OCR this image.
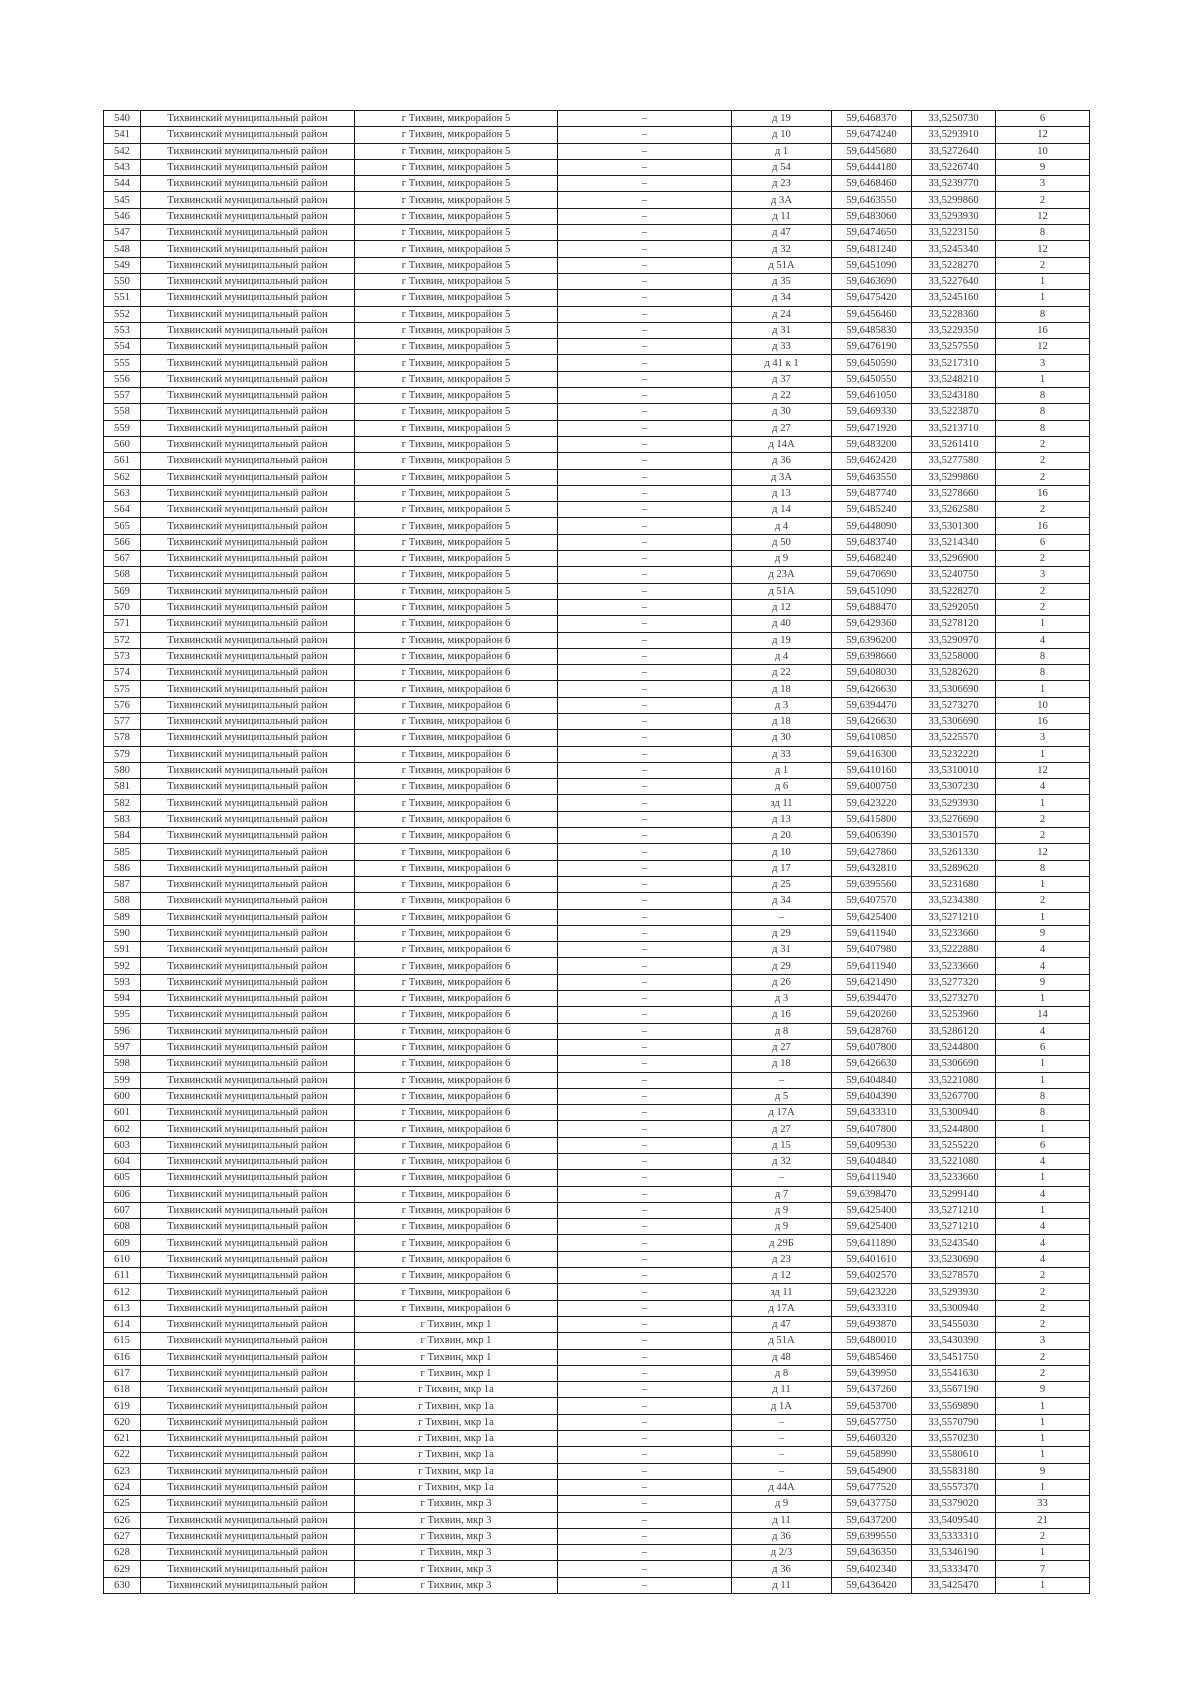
540	Тихвинский муниципальный район	г Тихвин, микрорайон 5	–	д 19	59,6468370	33,5250730	6
541	Тихвинский муниципальный район	г Тихвин, микрорайон 5	–	д 10	59,6474240	33,5293910	12
542	Тихвинский муниципальный район	г Тихвин, микрорайон 5	–	д 1	59,6445680	33,5272640	10
543	Тихвинский муниципальный район	г Тихвин, микрорайон 5	–	д 54	59,6444180	33,5226740	9
544	Тихвинский муниципальный район	г Тихвин, микрорайон 5	–	д 23	59,6468460	33,5239770	3
545	Тихвинский муниципальный район	г Тихвин, микрорайон 5	–	д 3А	59,6463550	33,5299860	2
546	Тихвинский муниципальный район	г Тихвин, микрорайон 5	–	д 11	59,6483060	33,5293930	12
547	Тихвинский муниципальный район	г Тихвин, микрорайон 5	–	д 47	59,6474650	33,5223150	8
548	Тихвинский муниципальный район	г Тихвин, микрорайон 5	–	д 32	59,6481240	33,5245340	12
549	Тихвинский муниципальный район	г Тихвин, микрорайон 5	–	д 51А	59,6451090	33,5228270	2
550	Тихвинский муниципальный район	г Тихвин, микрорайон 5	–	д 35	59,6463690	33,5227640	1
551	Тихвинский муниципальный район	г Тихвин, микрорайон 5	–	д 34	59,6475420	33,5245160	1
552	Тихвинский муниципальный район	г Тихвин, микрорайон 5	–	д 24	59,6456460	33,5228360	8
553	Тихвинский муниципальный район	г Тихвин, микрорайон 5	–	д 31	59,6485830	33,5229350	16
554	Тихвинский муниципальный район	г Тихвин, микрорайон 5	–	д 33	59,6476190	33,5257550	12
555	Тихвинский муниципальный район	г Тихвин, микрорайон 5	–	д 41 к 1	59,6450590	33,5217310	3
556	Тихвинский муниципальный район	г Тихвин, микрорайон 5	–	д 37	59,6450550	33,5248210	1
557	Тихвинский муниципальный район	г Тихвин, микрорайон 5	–	д 22	59,6461050	33,5243180	8
558	Тихвинский муниципальный район	г Тихвин, микрорайон 5	–	д 30	59,6469330	33,5223870	8
559	Тихвинский муниципальный район	г Тихвин, микрорайон 5	–	д 27	59,6471920	33,5213710	8
560	Тихвинский муниципальный район	г Тихвин, микрорайон 5	–	д 14А	59,6483200	33,5261410	2
561	Тихвинский муниципальный район	г Тихвин, микрорайон 5	–	д 36	59,6462420	33,5277580	2
562	Тихвинский муниципальный район	г Тихвин, микрорайон 5	–	д 3А	59,6463550	33,5299860	2
563	Тихвинский муниципальный район	г Тихвин, микрорайон 5	–	д 13	59,6487740	33,5278660	16
564	Тихвинский муниципальный район	г Тихвин, микрорайон 5	–	д 14	59,6485240	33,5262580	2
565	Тихвинский муниципальный район	г Тихвин, микрорайон 5	–	д 4	59,6448090	33,5301300	16
566	Тихвинский муниципальный район	г Тихвин, микрорайон 5	–	д 50	59,6483740	33,5214340	6
567	Тихвинский муниципальный район	г Тихвин, микрорайон 5	–	д 9	59,6468240	33,5296900	2
568	Тихвинский муниципальный район	г Тихвин, микрорайон 5	–	д 23А	59,6470690	33,5240750	3
569	Тихвинский муниципальный район	г Тихвин, микрорайон 5	–	д 51А	59,6451090	33,5228270	2
570	Тихвинский муниципальный район	г Тихвин, микрорайон 5	–	д 12	59,6488470	33,5292050	2
571	Тихвинский муниципальный район	г Тихвин, микрорайон 6	–	д 40	59,6429360	33,5278120	1
572	Тихвинский муниципальный район	г Тихвин, микрорайон 6	–	д 19	59,6396200	33,5290970	4
573	Тихвинский муниципальный район	г Тихвин, микрорайон 6	–	д 4	59,6398660	33,5258000	8
574	Тихвинский муниципальный район	г Тихвин, микрорайон 6	–	д 22	59,6408030	33,5282620	8
575	Тихвинский муниципальный район	г Тихвин, микрорайон 6	–	д 18	59,6426630	33,5306690	1
576	Тихвинский муниципальный район	г Тихвин, микрорайон 6	–	д 3	59,6394470	33,5273270	10
577	Тихвинский муниципальный район	г Тихвин, микрорайон 6	–	д 18	59,6426630	33,5306690	16
578	Тихвинский муниципальный район	г Тихвин, микрорайон 6	–	д 30	59,6410850	33,5225570	3
579	Тихвинский муниципальный район	г Тихвин, микрорайон 6	–	д 33	59,6416300	33,5232220	1
580	Тихвинский муниципальный район	г Тихвин, микрорайон 6	–	д 1	59,6410160	33,5310010	12
581	Тихвинский муниципальный район	г Тихвин, микрорайон 6	–	д 6	59,6400750	33,5307230	4
582	Тихвинский муниципальный район	г Тихвин, микрорайон 6	–	зд 11	59,6423220	33,5293930	1
583	Тихвинский муниципальный район	г Тихвин, микрорайон 6	–	д 13	59,6415800	33,5276690	2
584	Тихвинский муниципальный район	г Тихвин, микрорайон 6	–	д 20	59,6406390	33,5301570	2
585	Тихвинский муниципальный район	г Тихвин, микрорайон 6	–	д 10	59,6427860	33,5261330	12
586	Тихвинский муниципальный район	г Тихвин, микрорайон 6	–	д 17	59,6432810	33,5289620	8
587	Тихвинский муниципальный район	г Тихвин, микрорайон 6	–	д 25	59,6395560	33,5231680	1
588	Тихвинский муниципальный район	г Тихвин, микрорайон 6	–	д 34	59,6407570	33,5234380	2
589	Тихвинский муниципальный район	г Тихвин, микрорайон 6	–	–	59,6425400	33,5271210	1
590	Тихвинский муниципальный район	г Тихвин, микрорайон 6	–	д 29	59,6411940	33,5233660	9
591	Тихвинский муниципальный район	г Тихвин, микрорайон 6	–	д 31	59,6407980	33,5222880	4
592	Тихвинский муниципальный район	г Тихвин, микрорайон 6	–	д 29	59,6411940	33,5233660	4
593	Тихвинский муниципальный район	г Тихвин, микрорайон 6	–	д 26	59,6421490	33,5277320	9
594	Тихвинский муниципальный район	г Тихвин, микрорайон 6	–	д 3	59,6394470	33,5273270	1
595	Тихвинский муниципальный район	г Тихвин, микрорайон 6	–	д 16	59,6420260	33,5253960	14
596	Тихвинский муниципальный район	г Тихвин, микрорайон 6	–	д 8	59,6428760	33,5286120	4
597	Тихвинский муниципальный район	г Тихвин, микрорайон 6	–	д 27	59,6407800	33,5244800	6
598	Тихвинский муниципальный район	г Тихвин, микрорайон 6	–	д 18	59,6426630	33,5306690	1
599	Тихвинский муниципальный район	г Тихвин, микрорайон 6	–	–	59,6404840	33,5221080	1
600	Тихвинский муниципальный район	г Тихвин, микрорайон 6	–	д 5	59,6404390	33,5267700	8
601	Тихвинский муниципальный район	г Тихвин, микрорайон 6	–	д 17А	59,6433310	33,5300940	8
602	Тихвинский муниципальный район	г Тихвин, микрорайон 6	–	д 27	59,6407800	33,5244800	1
603	Тихвинский муниципальный район	г Тихвин, микрорайон 6	–	д 15	59,6409530	33,5255220	6
604	Тихвинский муниципальный район	г Тихвин, микрорайон 6	–	д 32	59,6404840	33,5221080	4
605	Тихвинский муниципальный район	г Тихвин, микрорайон 6	–	–	59,6411940	33,5233660	1
606	Тихвинский муниципальный район	г Тихвин, микрорайон 6	–	д 7	59,6398470	33,5299140	4
607	Тихвинский муниципальный район	г Тихвин, микрорайон 6	–	д 9	59,6425400	33,5271210	1
608	Тихвинский муниципальный район	г Тихвин, микрорайон 6	–	д 9	59,6425400	33,5271210	4
609	Тихвинский муниципальный район	г Тихвин, микрорайон 6	–	д 29Б	59,6411890	33,5243540	4
610	Тихвинский муниципальный район	г Тихвин, микрорайон 6	–	д 23	59,6401610	33,5230690	4
611	Тихвинский муниципальный район	г Тихвин, микрорайон 6	–	д 12	59,6402570	33,5278570	2
612	Тихвинский муниципальный район	г Тихвин, микрорайон 6	–	зд 11	59,6423220	33,5293930	2
613	Тихвинский муниципальный район	г Тихвин, микрорайон 6	–	д 17А	59,6433310	33,5300940	2
614	Тихвинский муниципальный район	г Тихвин, мкр 1	–	д 47	59,6493870	33,5455030	2
615	Тихвинский муниципальный район	г Тихвин, мкр 1	–	д 51А	59,6480010	33,5430390	3
616	Тихвинский муниципальный район	г Тихвин, мкр 1	–	д 48	59,6485460	33,5451750	2
617	Тихвинский муниципальный район	г Тихвин, мкр 1	–	д 8	59,6439950	33,5541630	2
618	Тихвинский муниципальный район	г Тихвин, мкр 1а	–	д 11	59,6437260	33,5567190	9
619	Тихвинский муниципальный район	г Тихвин, мкр 1а	–	д 1А	59,6453700	33,5569890	1
620	Тихвинский муниципальный район	г Тихвин, мкр 1а	–	–	59,6457750	33,5570790	1
621	Тихвинский муниципальный район	г Тихвин, мкр 1а	–	–	59,6460320	33,5570230	1
622	Тихвинский муниципальный район	г Тихвин, мкр 1а	–	–	59,6458990	33,5580610	1
623	Тихвинский муниципальный район	г Тихвин, мкр 1а	–	–	59,6454900	33,5583180	9
624	Тихвинский муниципальный район	г Тихвин, мкр 1а	–	д 44А	59,6477520	33,5557370	1
625	Тихвинский муниципальный район	г Тихвин, мкр 3	–	д 9	59,6437750	33,5379020	33
626	Тихвинский муниципальный район	г Тихвин, мкр 3	–	д 11	59,6437200	33,5409540	21
627	Тихвинский муниципальный район	г Тихвин, мкр 3	–	д 36	59,6399550	33,5333310	2
628	Тихвинский муниципальный район	г Тихвин, мкр 3	–	д 2/3	59,6436350	33,5346190	1
629	Тихвинский муниципальный район	г Тихвин, мкр 3	–	д 36	59,6402340	33,5333470	7
630	Тихвинский муниципальный район	г Тихвин, мкр 3	–	д 11	59,6436420	33,5425470	1
